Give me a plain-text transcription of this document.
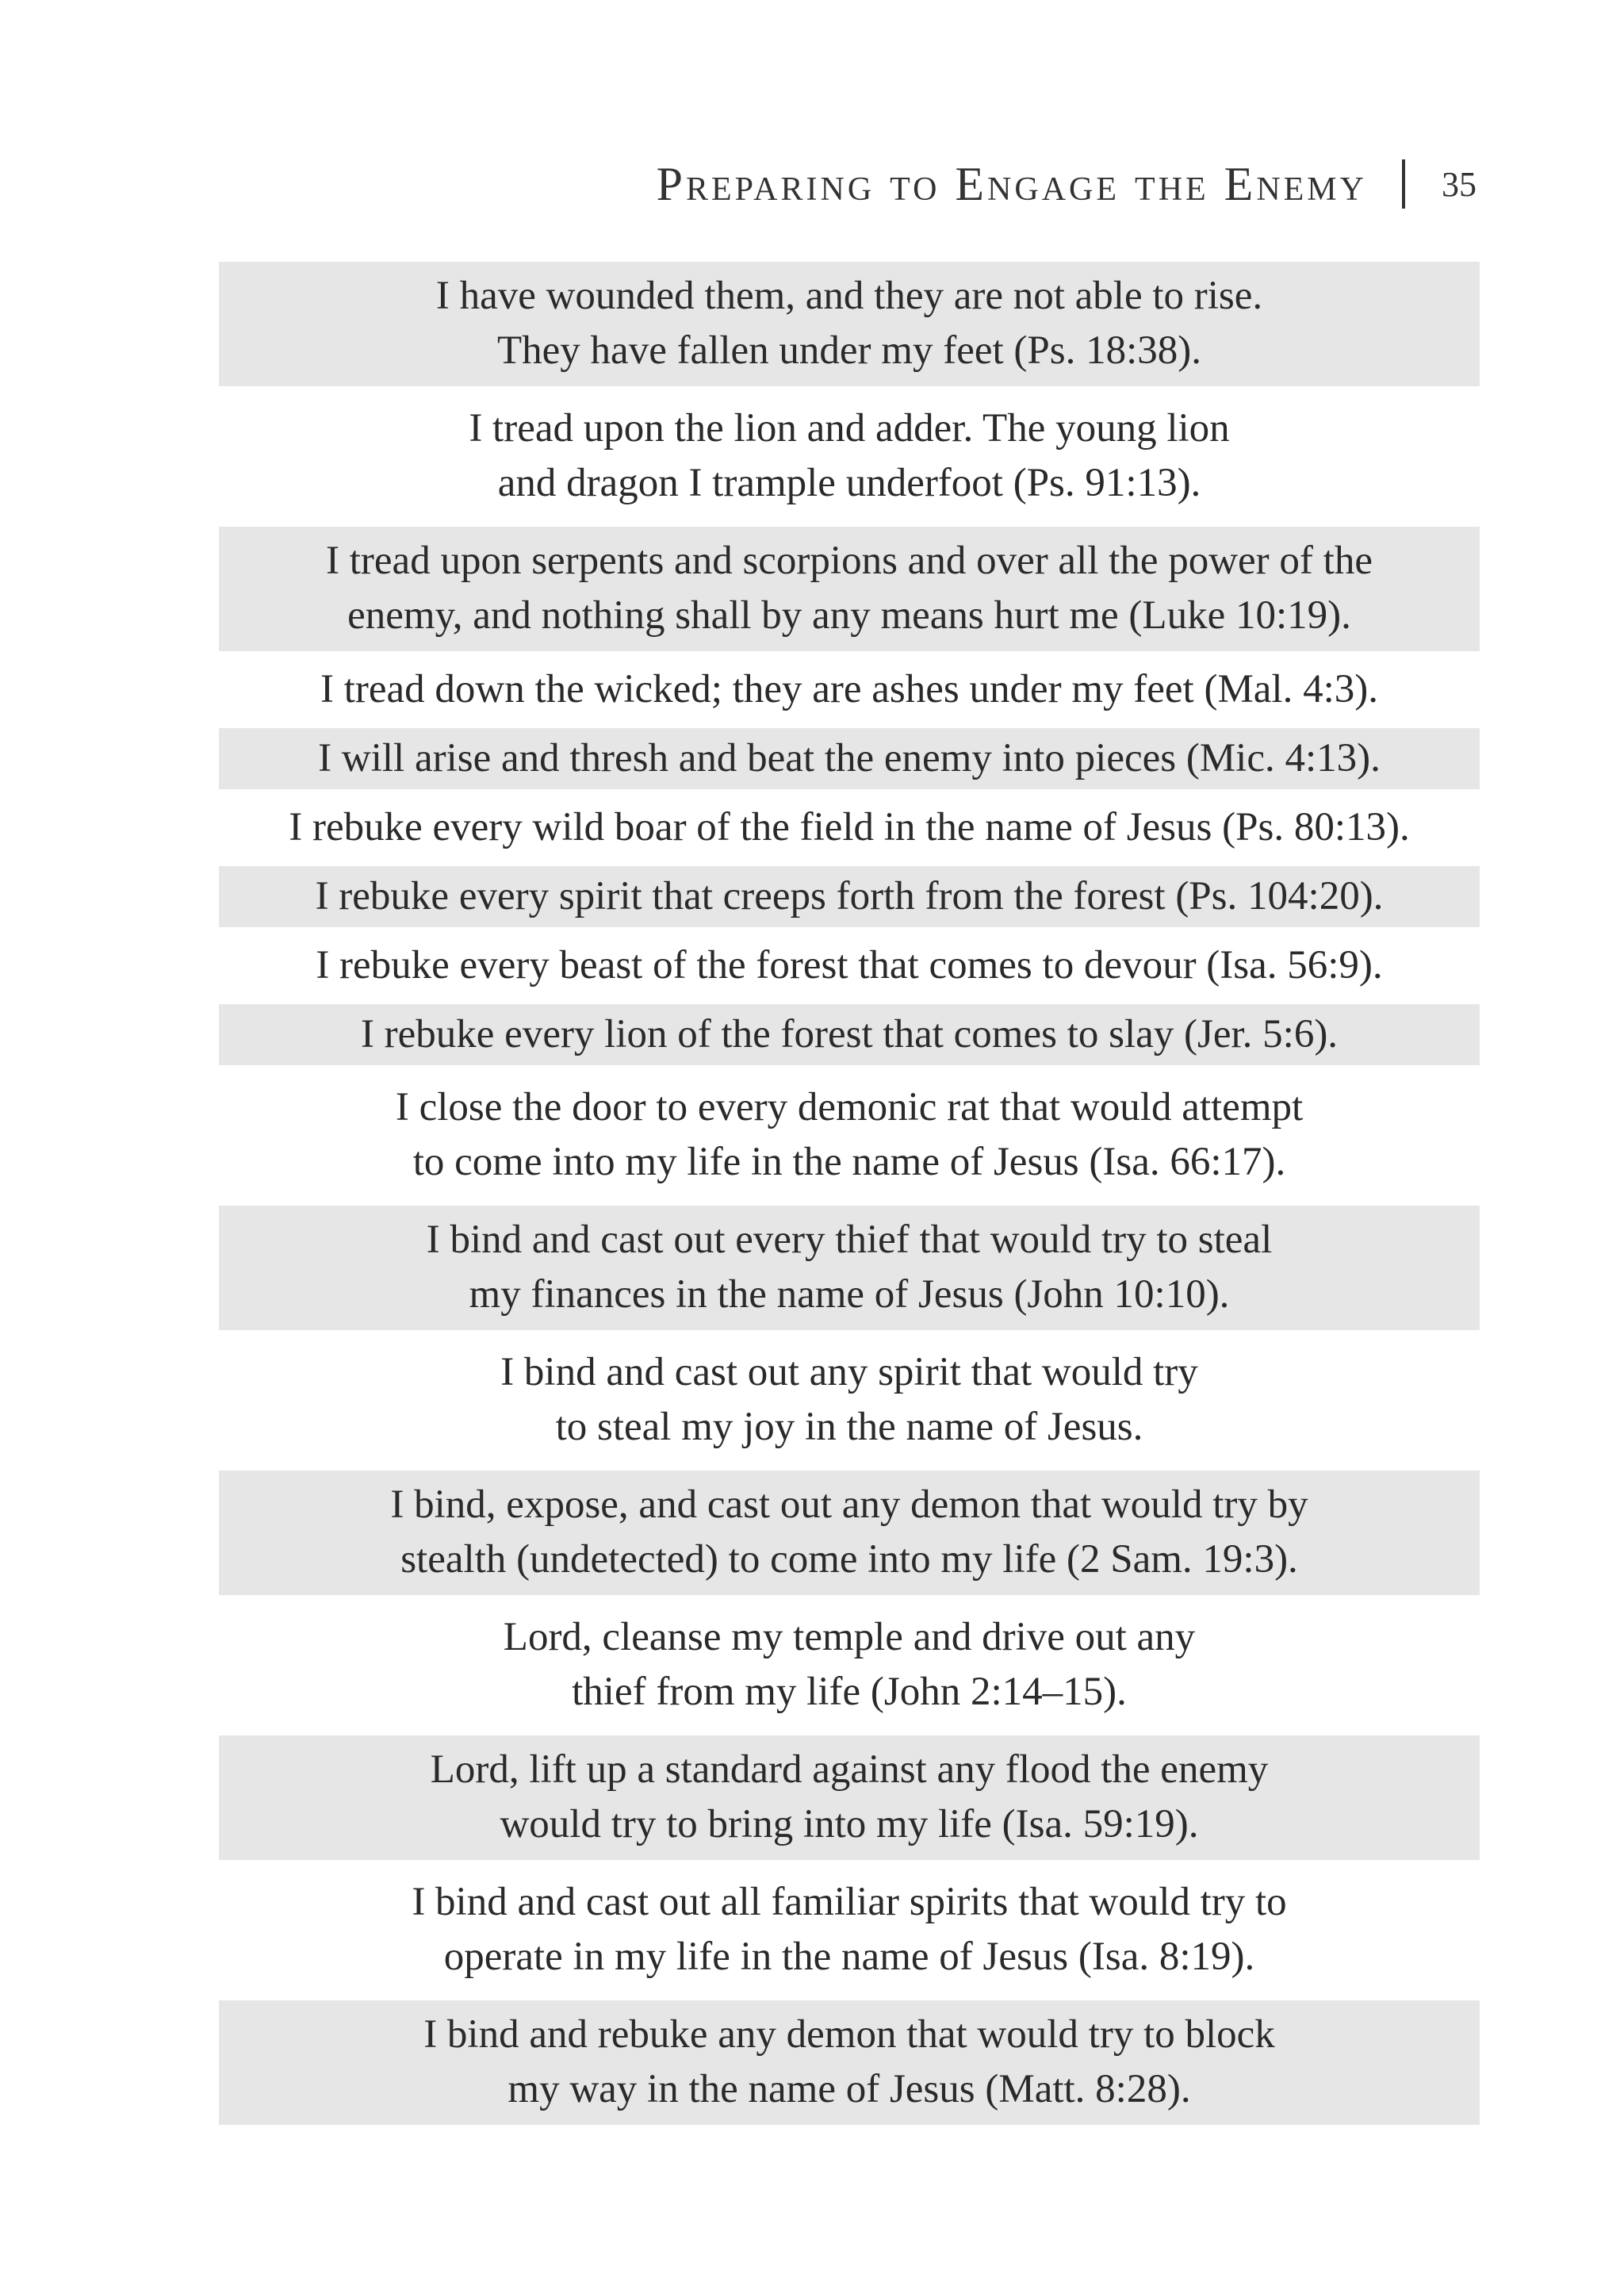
Preparing to Engage the Enemy 35
I have wounded them, and they are not able to rise.
They have fallen under my feet (Ps. 18:38).
I tread upon the lion and adder. The young lion
and dragon I trample underfoot (Ps. 91:13).
I tread upon serpents and scorpions and over all the power of the
enemy, and nothing shall by any means hurt me (Luke 10:19).
I tread down the wicked; they are ashes under my feet (Mal. 4:3).
I will arise and thresh and beat the enemy into pieces (Mic. 4:13).
I rebuke every wild boar of the field in the name of Jesus (Ps. 80:13).
I rebuke every spirit that creeps forth from the forest (Ps. 104:20).
I rebuke every beast of the forest that comes to devour (Isa. 56:9).
I rebuke every lion of the forest that comes to slay (Jer. 5:6).
I close the door to every demonic rat that would attempt
to come into my life in the name of Jesus (Isa. 66:17).
I bind and cast out every thief that would try to steal
my finances in the name of Jesus (John 10:10).
I bind and cast out any spirit that would try
to steal my joy in the name of Jesus.
I bind, expose, and cast out any demon that would try by
stealth (undetected) to come into my life (2 Sam. 19:3).
Lord, cleanse my temple and drive out any
thief from my life (John 2:14–15).
Lord, lift up a standard against any flood the enemy
would try to bring into my life (Isa. 59:19).
I bind and cast out all familiar spirits that would try to
operate in my life in the name of Jesus (Isa. 8:19).
I bind and rebuke any demon that would try to block
my way in the name of Jesus (Matt. 8:28).
